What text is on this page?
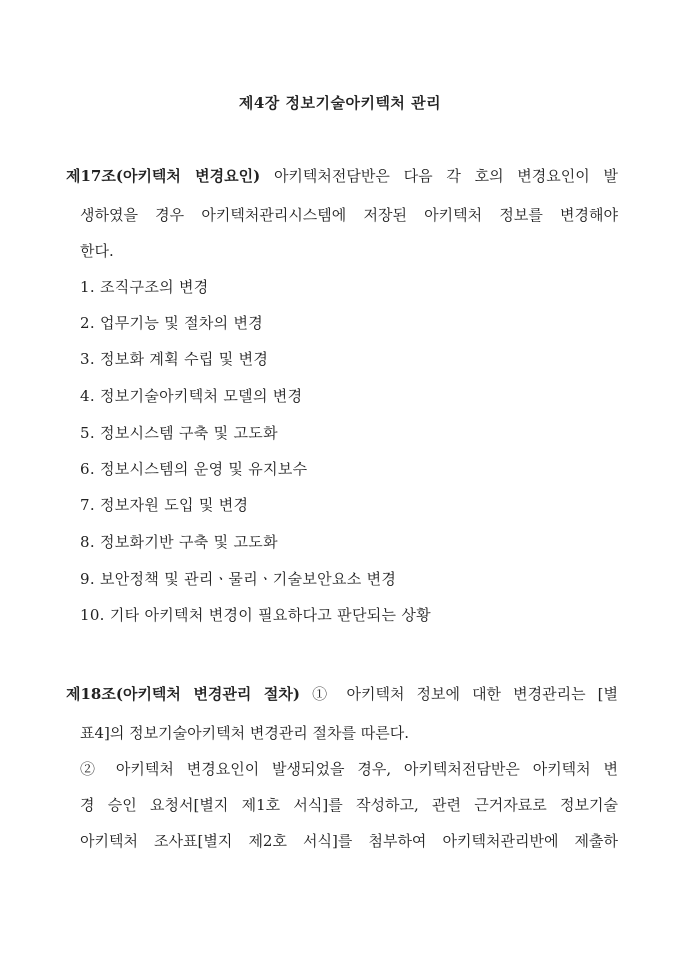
제4장 정보기술아키텍처 관리
제17조(아키텍처 변경요인) 아키텍처전담반은 다음 각 호의 변경요인이 발
생하였을 경우 아키텍처관리시스템에 저장된 아키텍처 정보를 변경해야
한다.
1. 조직구조의 변경
2. 업무기능 및 절차의 변경
3. 정보화 계획 수립 및 변경
4. 정보기술아키텍처 모델의 변경
5. 정보시스템 구축 및 고도화
6. 정보시스템의 운영 및 유지보수
7. 정보자원 도입 및 변경
8. 정보화기반 구축 및 고도화
9. 보안정책 및 관리ㆍ물리ㆍ기술보안요소 변경
10. 기타 아키텍처 변경이 필요하다고 판단되는 상황
제18조(아키텍처 변경관리 절차) ① 아키텍처 정보에 대한 변경관리는 [별
표4]의 정보기술아키텍처 변경관리 절차를 따른다.
② 아키텍처 변경요인이 발생되었을 경우, 아키텍처전담반은 아키텍처 변
경 승인 요청서[별지 제1호 서식]를 작성하고, 관련 근거자료로 정보기술
아키텍처 조사표[별지 제2호 서식]를 첨부하여 아키텍처관리반에 제출하
